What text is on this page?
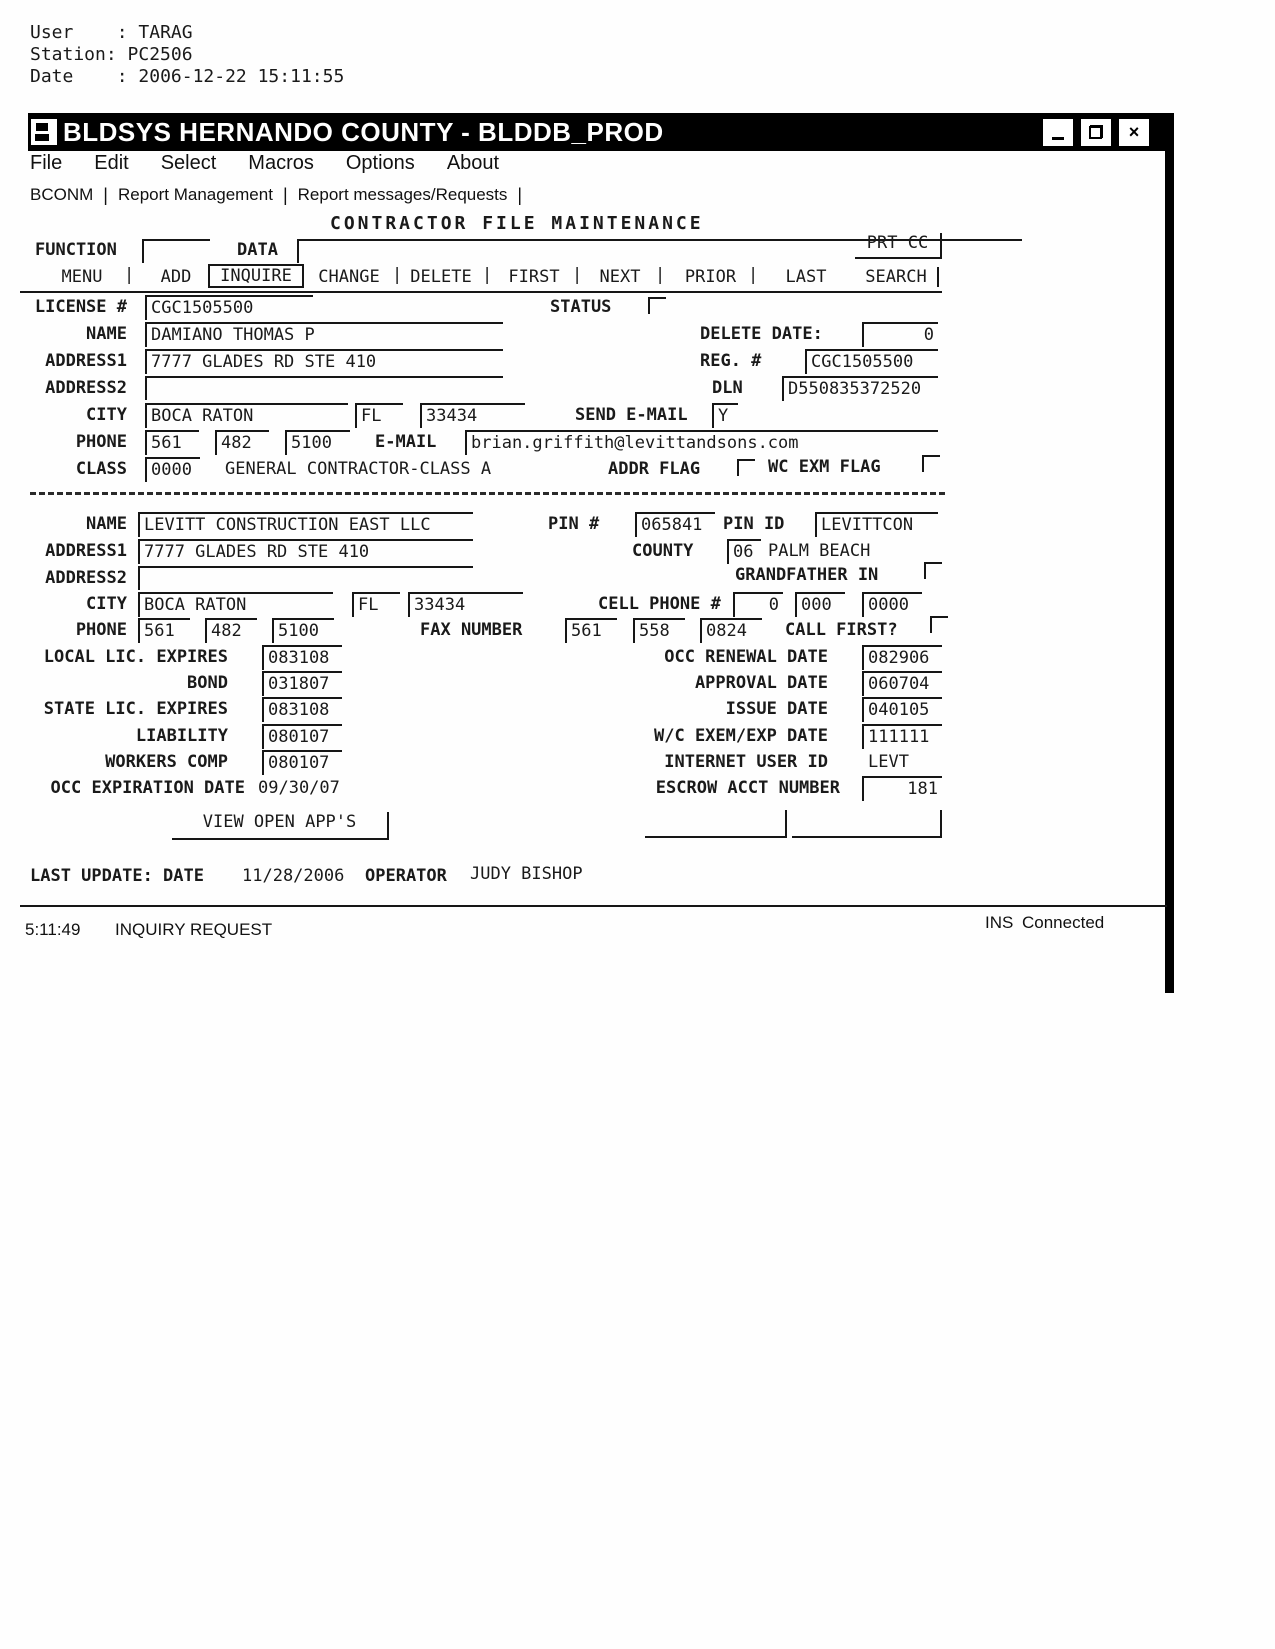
User    : TARAG
Station: PC2506
Date    : 2006-12-22 15:11:55
BLDSYS HERNANDO COUNTY - BLDDB_PROD	×
File Edit Select Macros Options About
BCONM | Report Management | Report messages/Requests |
CONTRACTOR FILE MAINTENANCE
FUNCTION	DATA	PRT CC
MENU	|	ADD	INQUIRE	CHANGE | DELETE | FIRST |	NEXT |	PRIOR |	LAST	SEARCH
LICENSE #	CGC1505500	STATUS
NAME	DAMIANO THOMAS P	DELETE DATE:	0
ADDRESS1	7777 GLADES RD STE 410	REG. #	CGC1505500
ADDRESS2	DLN	D550835372520
CITY	BOCA RATON	FL	33434	SEND E-MAIL	Y
PHONE	561	482	5100	E-MAIL	brian.griffith@levittandsons.com
CLASS	0000	GENERAL CONTRACTOR-CLASS A	ADDR FLAG	WC EXM FLAG
NAME	LEVITT CONSTRUCTION EAST LLC	PIN #	065841	PIN ID	LEVITTCON
ADDRESS1	7777 GLADES RD STE 410	COUNTY	06 PALM BEACH
ADDRESS2	GRANDFATHER IN
CITY	BOCA RATON	FL	33434	CELL PHONE #	0	000	0000
PHONE	561	482	5100	FAX NUMBER	561	558	0824	CALL FIRST?
LOCAL LIC. EXPIRES	083108	OCC RENEWAL DATE	082906
BOND	031807	APPROVAL DATE	060704
STATE LIC. EXPIRES	083108	ISSUE DATE	040105
LIABILITY	080107	W/C EXEM/EXP DATE	111111
WORKERS COMP	080107	INTERNET USER ID LEVT
OCC EXPIRATION DATE 09/30/07	ESCROW ACCT NUMBER	181
VIEW OPEN APP'S
LAST UPDATE: DATE 11/28/2006 OPERATOR JUDY BISHOP
5:11:49 INQUIRY REQUEST	INS Connected
